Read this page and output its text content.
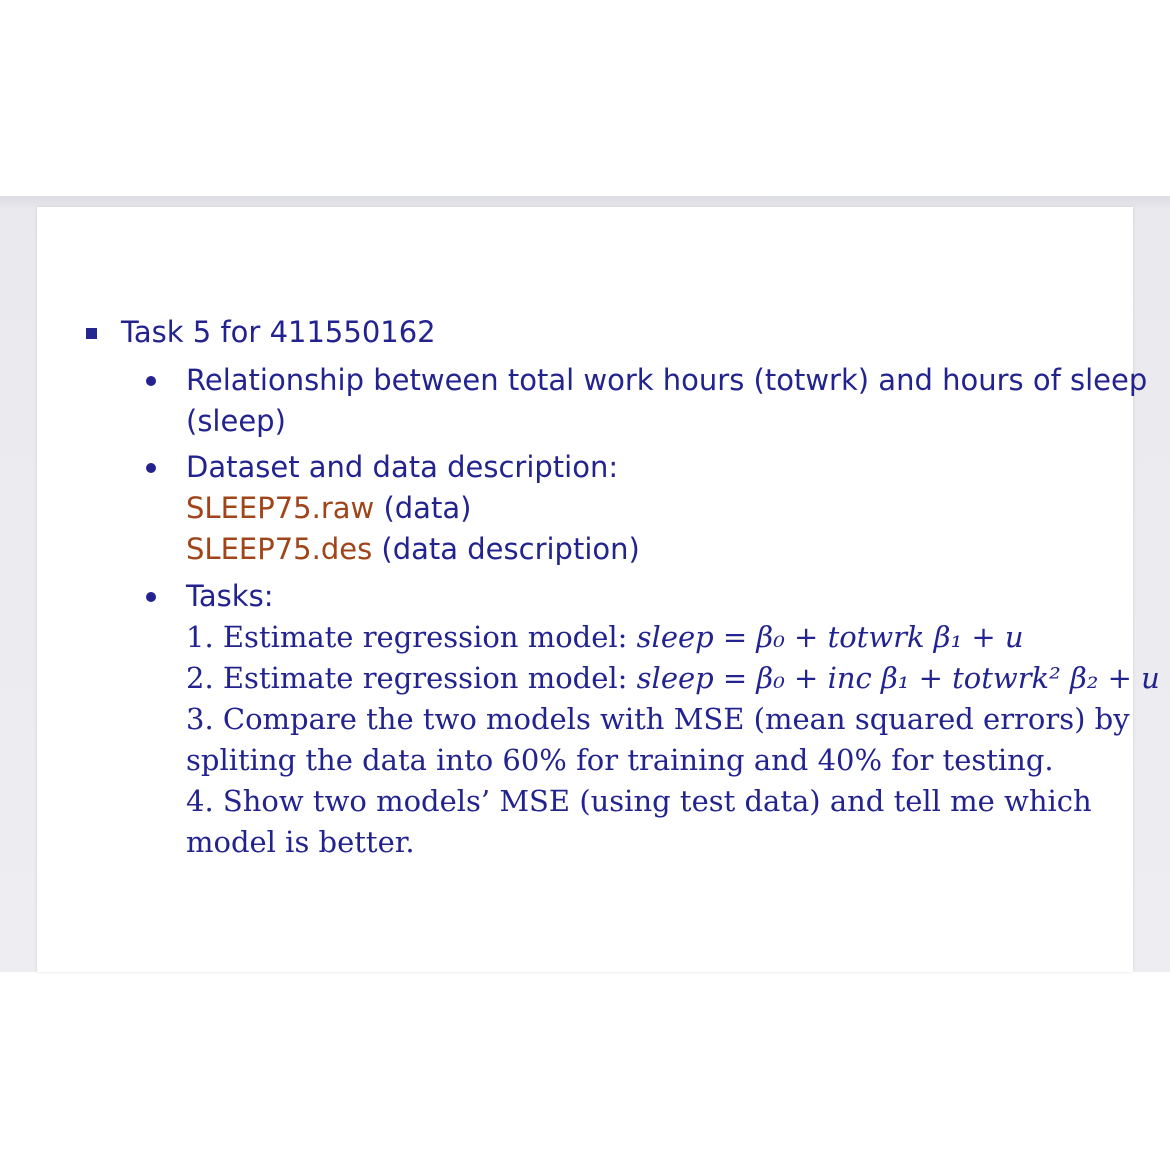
Task 5 for 411550162
Relationship between total work hours (totwrk) and hours of sleep
(sleep)
Dataset and data description:
SLEEP75.raw (data)
SLEEP75.des (data description)
Tasks:
1. Estimate regression model: sleep = β₀ + totwrk β₁ + u
2. Estimate regression model: sleep = β₀ + inc β₁ + totwrk² β₂ + u
3. Compare the two models with MSE (mean squared errors) by
spliting the data into 60% for training and 40% for testing.
4. Show two models’ MSE (using test data) and tell me which
model is better.
